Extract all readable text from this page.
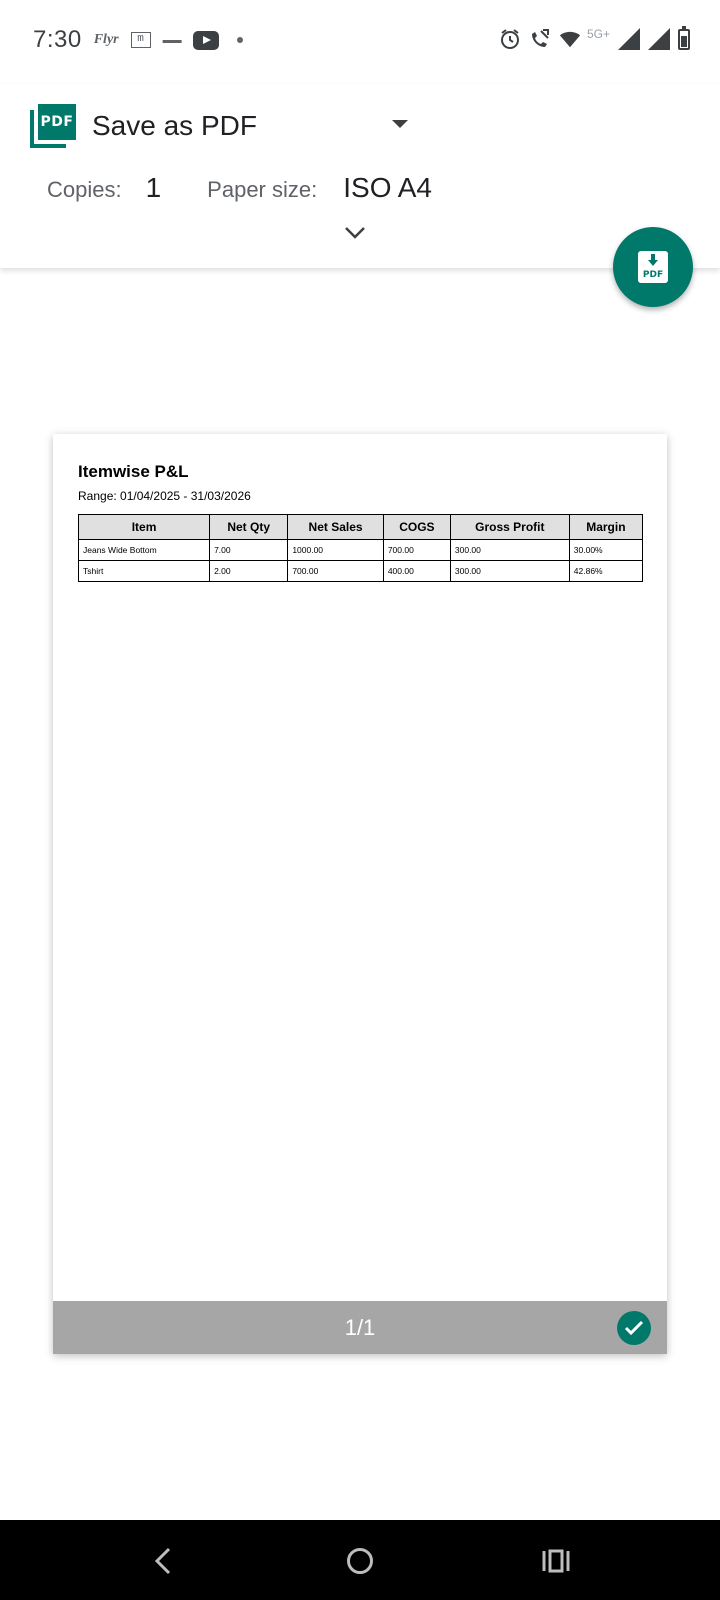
7:30 Flyr	m	▬▬	5G+
PDF Save as PDF
Copies: 1 Paper size: ISO A4
PDF
Itemwise P&L
Range: 01/04/2025 - 31/03/2026
Item	Net Qty	Net Sales	COGS	Gross Profit	Margin
Jeans Wide Bottom	7.00	1000.00	700.00	300.00	30.00%
Tshirt	2.00	700.00	400.00	300.00	42.86%
1/1
